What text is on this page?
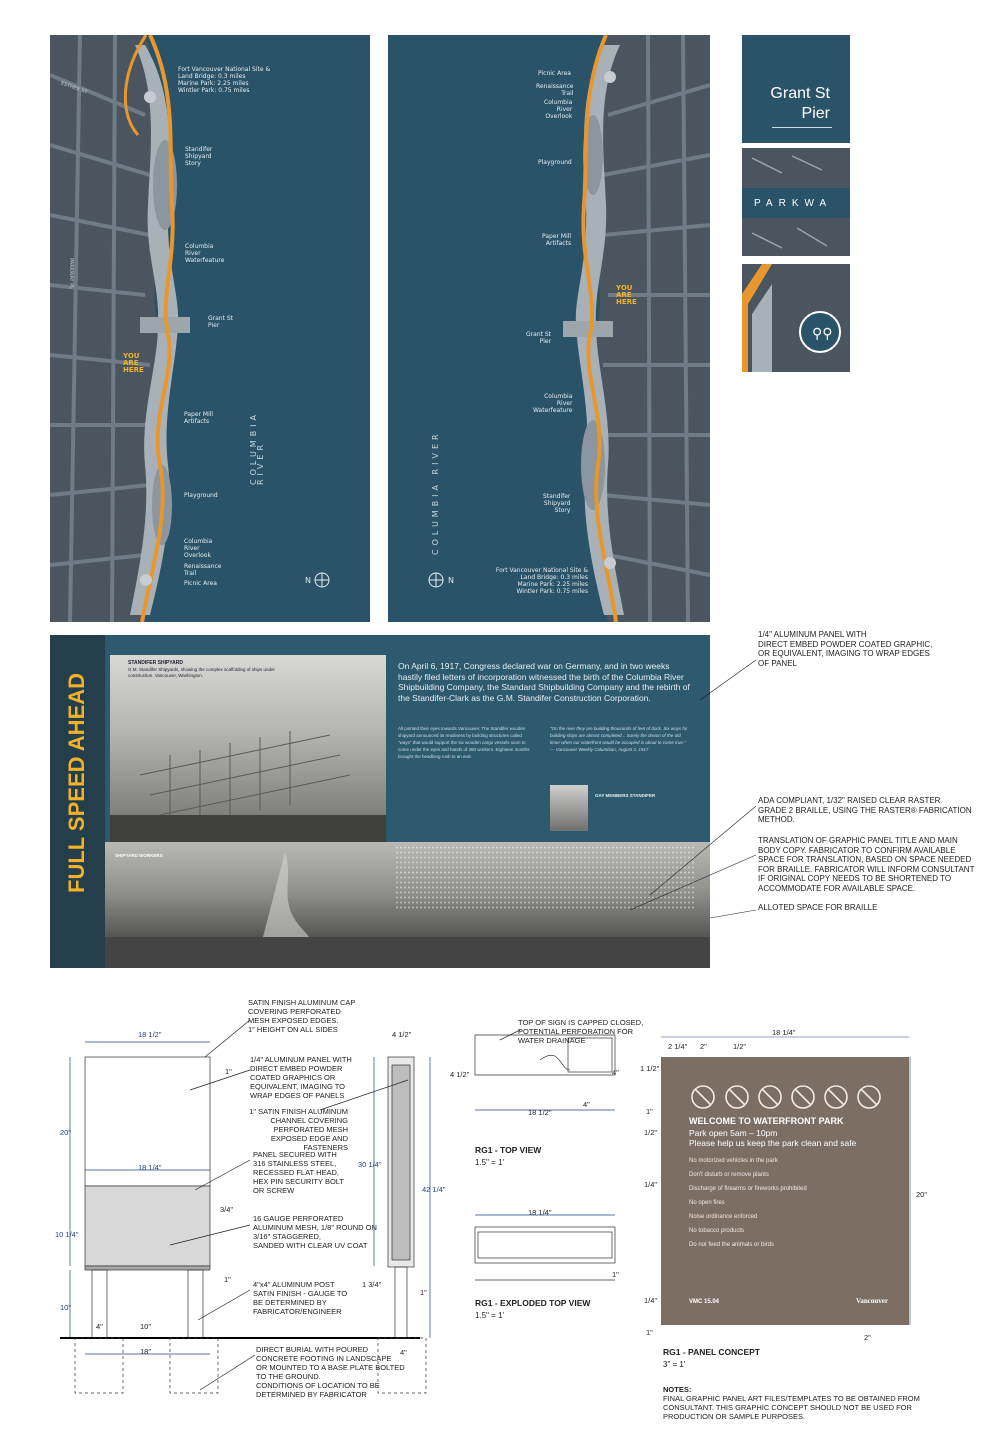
Fort Vancouver National Site &
Land Bridge: 0.3 miles
Marine Park: 2.25 miles
Wintler Park: 0.75 miles
Standifer
Shipyard
Story
Columbia
River
Waterfeature
Grant St
Pier
YOU
ARE
HERE
Paper Mill
Artifacts
Playground
Columbia
River
Overlook
Renaissance
Trail
Picnic Area
COLUMBIA RIVER
N
PARKWAY PL
ESTHER ST
Picnic Area
Renaissance
Trail
Columbia
River
Overlook
Playground
Paper Mill
Artifacts
YOU
ARE
HERE
Grant St
Pier
Columbia
River
Waterfeature
Standifer
Shipyard
Story
Fort Vancouver National Site &
Land Bridge: 0.3 miles
Marine Park: 2.25 miles
Wintler Park: 0.75 miles
COLUMBIA RIVER
N
Grant St
Pier
PARKWA
⚲⚲
FULL SPEED AHEAD
STANDIFER SHIPYARD
G.M. Standifer Shipyards, showing the complex scaffolding of ships under construction. Vancouver, Washington.
On April 6, 1917, Congress declared war on Germany, and in two weeks hastily filed letters of incorporation witnessed the birth of the Columbia River Shipbuilding Company, the Standard Shipbuilding Company and the rebirth of the Standifer-Clark as the G.M. Standifer Construction Corporation.
All pointed their eyes towards Vancouver. The Standifer wooden shipyard announced its readiness by building structures called "ways" that would support the six wooden cargo vessels soon to come under the eyes and hands of 450 workers. Eighteen months brought the headlong rush to an end.
"On the river they are building thousands of feet of dock. Six ways for building ships are almost completed... Surely the dream of the old timer when our waterfront would be occupied is about to come true." — Vancouver Weekly Columbian, August 2, 1917
GAY MEMBERS STANDIFER
SHIPYARD WORKERS
1/4" ALUMINUM PANEL WITH
DIRECT EMBED POWDER COATED GRAPHIC,
OR EQUIVALENT, IMAGING TO WRAP EDGES
OF PANEL
ADA COMPLIANT, 1/32" RAISED CLEAR RASTER
GRADE 2 BRAILLE, USING THE RASTER® FABRICATION
METHOD.
TRANSLATION OF GRAPHIC PANEL TITLE AND MAIN
BODY COPY. FABRICATOR TO CONFIRM AVAILABLE
SPACE FOR TRANSLATION, BASED ON SPACE NEEDED
FOR BRAILLE. FABRICATOR WILL INFORM CONSULTANT
IF ORIGINAL COPY NEEDS TO BE SHORTENED TO
ACCOMMODATE FOR AVAILABLE SPACE.
ALLOTED SPACE FOR BRAILLE
SATIN FINISH ALUMINUM CAP
COVERING PERFORATED
MESH EXPOSED EDGES.
1" HEIGHT ON ALL SIDES
1/4" ALUMINUM PANEL WITH
DIRECT EMBED POWDER
COATED GRAPHICS OR
EQUIVALENT, IMAGING TO
WRAP EDGES OF PANELS
1" SATIN FINISH ALUMINUM
CHANNEL COVERING
PERFORATED MESH
EXPOSED EDGE AND FASTENERS
PANEL SECURED WITH
316 STAINLESS STEEL,
RECESSED FLAT HEAD,
HEX PIN SECURITY BOLT
OR SCREW
16 GAUGE PERFORATED
ALUMINUM MESH, 1/8" ROUND ON
3/16" STAGGERED,
SANDED WITH CLEAR UV COAT
4"x4" ALUMINUM POST
SATIN FINISH - GAUGE TO
BE DETERMINED BY
FABRICATOR/ENGINEER
DIRECT BURIAL WITH POURED
CONCRETE FOOTING IN LANDSCAPE
OR MOUNTED TO A BASE PLATE BOLTED
TO THE GROUND.
CONDITIONS OF LOCATION TO BE
DETERMINED BY FABRICATOR
TOP OF SIGN IS CAPPED CLOSED,
POTENTIAL PERFORATION FOR
WATER DRAINAGE
18 1/2"
18 1/4"
20"
10 1/4"
10"
1"
3/4"
1"
4"	10"
18"
4 1/2"
30 1/4"
42 1/4"
1 3/4"
1"
4"
4 1/2"
18 1/2"
4"
4"
18 1/4"
1"
RG1 - TOP VIEW
1.5" = 1'
RG1 - EXPLODED TOP VIEW
1.5" = 1'
WELCOME TO WATERFRONT PARK
Park open 5am – 10pm
Please help us keep the park clean and safe
No motorized vehicles in the park
Don't disturb or remove plants
Discharge of firearms or fireworks prohibited
No open fires
Noise ordinance enforced
No tobacco products
Do not feed the animals or birds
VMC 15.04	Vancouver
18 1/4"
20"
2 1/4" 2"	1/2"
1 1/2"
1"
1/2"
1/4"
1/4"
1"
2"
RG1 - PANEL CONCEPT
3" = 1'
NOTES:
FINAL GRAPHIC PANEL ART FILES/TEMPLATES TO BE OBTAINED FROM
CONSULTANT. THIS GRAPHIC CONCEPT SHOULD NOT BE USED FOR
PRODUCTION OR SAMPLE PURPOSES.
